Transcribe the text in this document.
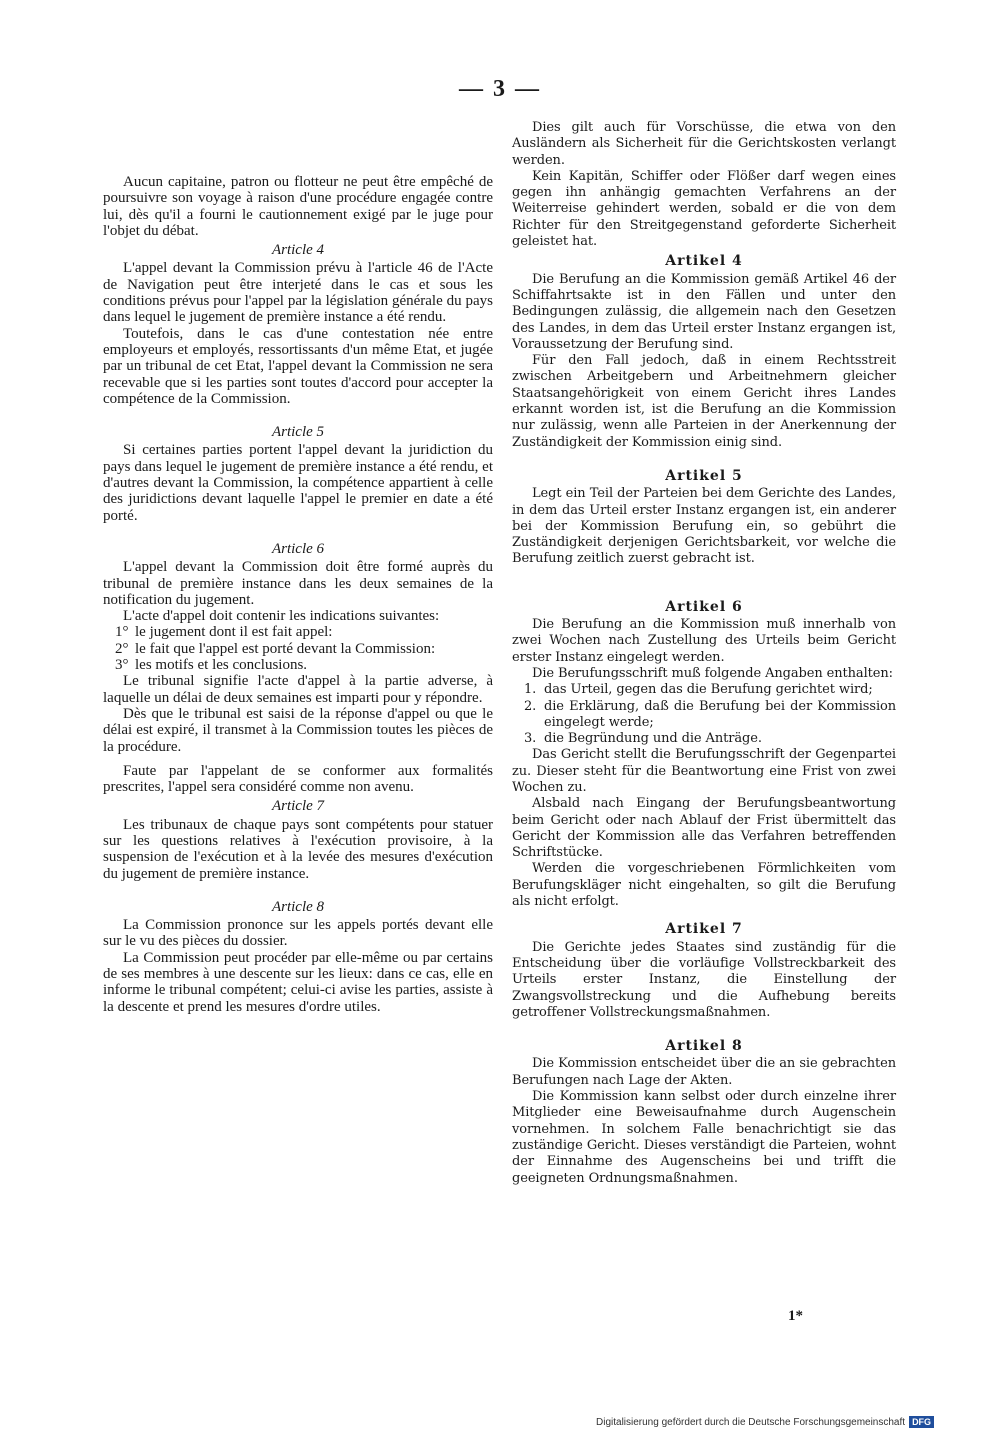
— 3 —

Aucun capitaine, patron ou flotteur ne peut être empêché de poursuivre son voyage à raison d'une procédure engagée contre lui, dès qu'il a fourni le cautionnement exigé par le juge pour l'objet du débat.

Article 4

L'appel devant la Commission prévu à l'article 46 de l'Acte de Navigation peut être interjeté dans le cas et sous les conditions prévus pour l'appel par la législation générale du pays dans lequel le jugement de première instance a été rendu.

Toutefois, dans le cas d'une contestation née entre employeurs et employés, ressortissants d'un même Etat, et jugée par un tribunal de cet Etat, l'appel devant la Commission ne sera recevable que si les parties sont toutes d'accord pour accepter la compétence de la Commission.

Article 5

Si certaines parties portent l'appel devant la juridiction du pays dans lequel le jugement de première instance a été rendu, et d'autres devant la Commission, la compétence appartient à celle des juridictions devant laquelle l'appel le premier en date a été porté.

Article 6

L'appel devant la Commission doit être formé auprès du tribunal de première instance dans les deux semaines de la notification du jugement.

L'acte d'appel doit contenir les indications suivantes:

1° le jugement dont il est fait appel:

2° le fait que l'appel est porté devant la Commission:

3° les motifs et les conclusions.

Le tribunal signifie l'acte d'appel à la partie adverse, à laquelle un délai de deux semaines est imparti pour y répondre.

Dès que le tribunal est saisi de la réponse d'appel ou que le délai est expiré, il transmet à la Commission toutes les pièces de la procédure.

Faute par l'appelant de se conformer aux formalités prescrites, l'appel sera considéré comme non avenu.

Article 7

Les tribunaux de chaque pays sont compétents pour statuer sur les questions relatives à l'exécution provisoire, à la suspension de l'exécution et à la levée des mesures d'exécution du jugement de première instance.

Article 8

La Commission prononce sur les appels portés devant elle sur le vu des pièces du dossier.

La Commission peut procéder par elle-même ou par certains de ses membres à une descente sur les lieux: dans ce cas, elle en informe le tribunal compétent; celui-ci avise les parties, assiste à la descente et prend les mesures d'ordre utiles.

Dies gilt auch für Vorschüsse, die etwa von den Ausländern als Sicherheit für die Gerichtskosten verlangt werden.

Kein Kapitän, Schiffer oder Flößer darf wegen eines gegen ihn anhängig gemachten Verfahrens an der Weiterreise gehindert werden, sobald er die von dem Richter für den Streitgegenstand geforderte Sicherheit geleistet hat.

Artikel 4

Die Berufung an die Kommission gemäß Artikel 46 der Schiffahrtsakte ist in den Fällen und unter den Bedingungen zulässig, die allgemein nach den Gesetzen des Landes, in dem das Urteil erster Instanz ergangen ist, Voraussetzung der Berufung sind.

Für den Fall jedoch, daß in einem Rechtsstreit zwischen Arbeitgebern und Arbeitnehmern gleicher Staatsangehörigkeit von einem Gericht ihres Landes erkannt worden ist, ist die Berufung an die Kommission nur zulässig, wenn alle Parteien in der Anerkennung der Zuständigkeit der Kommission einig sind.

Artikel 5

Legt ein Teil der Parteien bei dem Gerichte des Landes, in dem das Urteil erster Instanz ergangen ist, ein anderer bei der Kommission Berufung ein, so gebührt die Zuständigkeit derjenigen Gerichtsbarkeit, vor welche die Berufung zeitlich zuerst gebracht ist.

Artikel 6

Die Berufung an die Kommission muß innerhalb von zwei Wochen nach Zustellung des Urteils beim Gericht erster Instanz eingelegt werden.

Die Berufungsschrift muß folgende Angaben enthalten:

1. das Urteil, gegen das die Berufung gerichtet wird;

2. die Erklärung, daß die Berufung bei der Kommission eingelegt werde;

3. die Begründung und die Anträge.

Das Gericht stellt die Berufungsschrift der Gegenpartei zu. Dieser steht für die Beantwortung eine Frist von zwei Wochen zu.

Alsbald nach Eingang der Berufungsbeantwortung beim Gericht oder nach Ablauf der Frist übermittelt das Gericht der Kommission alle das Verfahren betreffenden Schriftstücke.

Werden die vorgeschriebenen Förmlichkeiten vom Berufungskläger nicht eingehalten, so gilt die Berufung als nicht erfolgt.

Artikel 7

Die Gerichte jedes Staates sind zuständig für die Entscheidung über die vorläufige Vollstreckbarkeit des Urteils erster Instanz, die Einstellung der Zwangsvollstreckung und die Aufhebung bereits getroffener Vollstreckungsmaßnahmen.

Artikel 8

Die Kommission entscheidet über die an sie gebrachten Berufungen nach Lage der Akten.

Die Kommission kann selbst oder durch einzelne ihrer Mitglieder eine Beweisaufnahme durch Augenschein vornehmen. In solchem Falle benachrichtigt sie das zuständige Gericht. Dieses verständigt die Parteien, wohnt der Einnahme des Augenscheins bei und trifft die geeigneten Ordnungsmaßnahmen.

1*
Digitalisierung gefördert durch die Deutsche Forschungsgemeinschaft DFG
